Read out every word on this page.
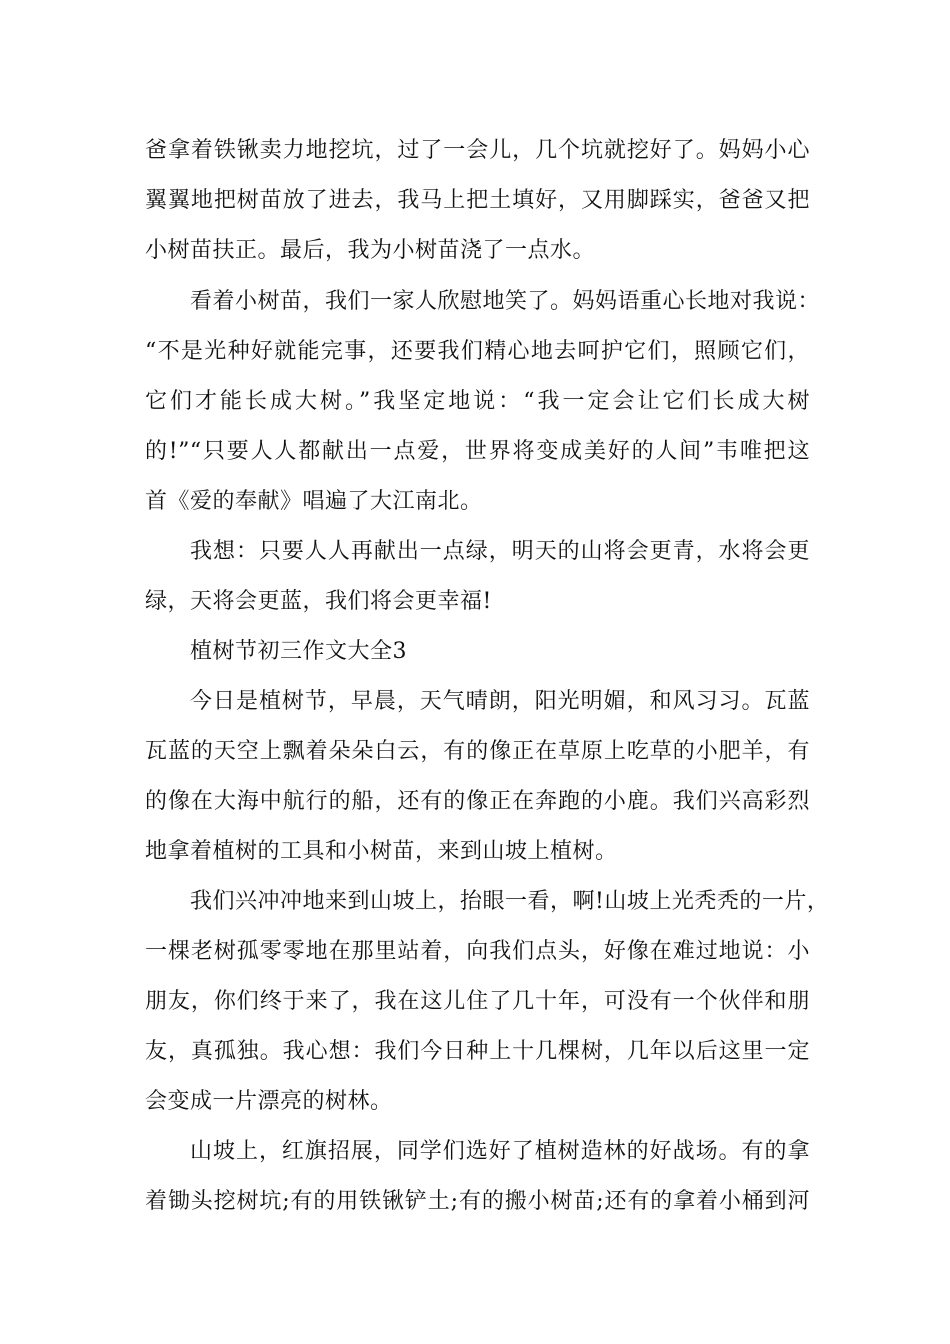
爸拿着铁锹卖力地挖坑，过了一会儿，几个坑就挖好了。妈妈小心
翼翼地把树苗放了进去，我马上把土填好，又用脚踩实，爸爸又把
小树苗扶正。最后，我为小树苗浇了一点水。
看着小树苗，我们一家人欣慰地笑了。妈妈语重心长地对我说：
“不是光种好就能完事，还要我们精心地去呵护它们，照顾它们，
它们才能长成大树。”我坚定地说：“我一定会让它们长成大树
的!”“只要人人都献出一点爱，世界将变成美好的人间”韦唯把这
首《爱的奉献》唱遍了大江南北。
我想：只要人人再献出一点绿，明天的山将会更青，水将会更
绿，天将会更蓝，我们将会更幸福!
植树节初三作文大全3
今日是植树节，早晨，天气晴朗，阳光明媚，和风习习。瓦蓝
瓦蓝的天空上飘着朵朵白云，有的像正在草原上吃草的小肥羊，有
的像在大海中航行的船，还有的像正在奔跑的小鹿。我们兴高彩烈
地拿着植树的工具和小树苗，来到山坡上植树。
我们兴冲冲地来到山坡上，抬眼一看，啊!山坡上光秃秃的一片，
一棵老树孤零零地在那里站着，向我们点头，好像在难过地说：小
朋友，你们终于来了，我在这儿住了几十年，可没有一个伙伴和朋
友，真孤独。我心想：我们今日种上十几棵树，几年以后这里一定
会变成一片漂亮的树林。
山坡上，红旗招展，同学们选好了植树造林的好战场。有的拿
着锄头挖树坑;有的用铁锹铲土;有的搬小树苗;还有的拿着小桶到河
